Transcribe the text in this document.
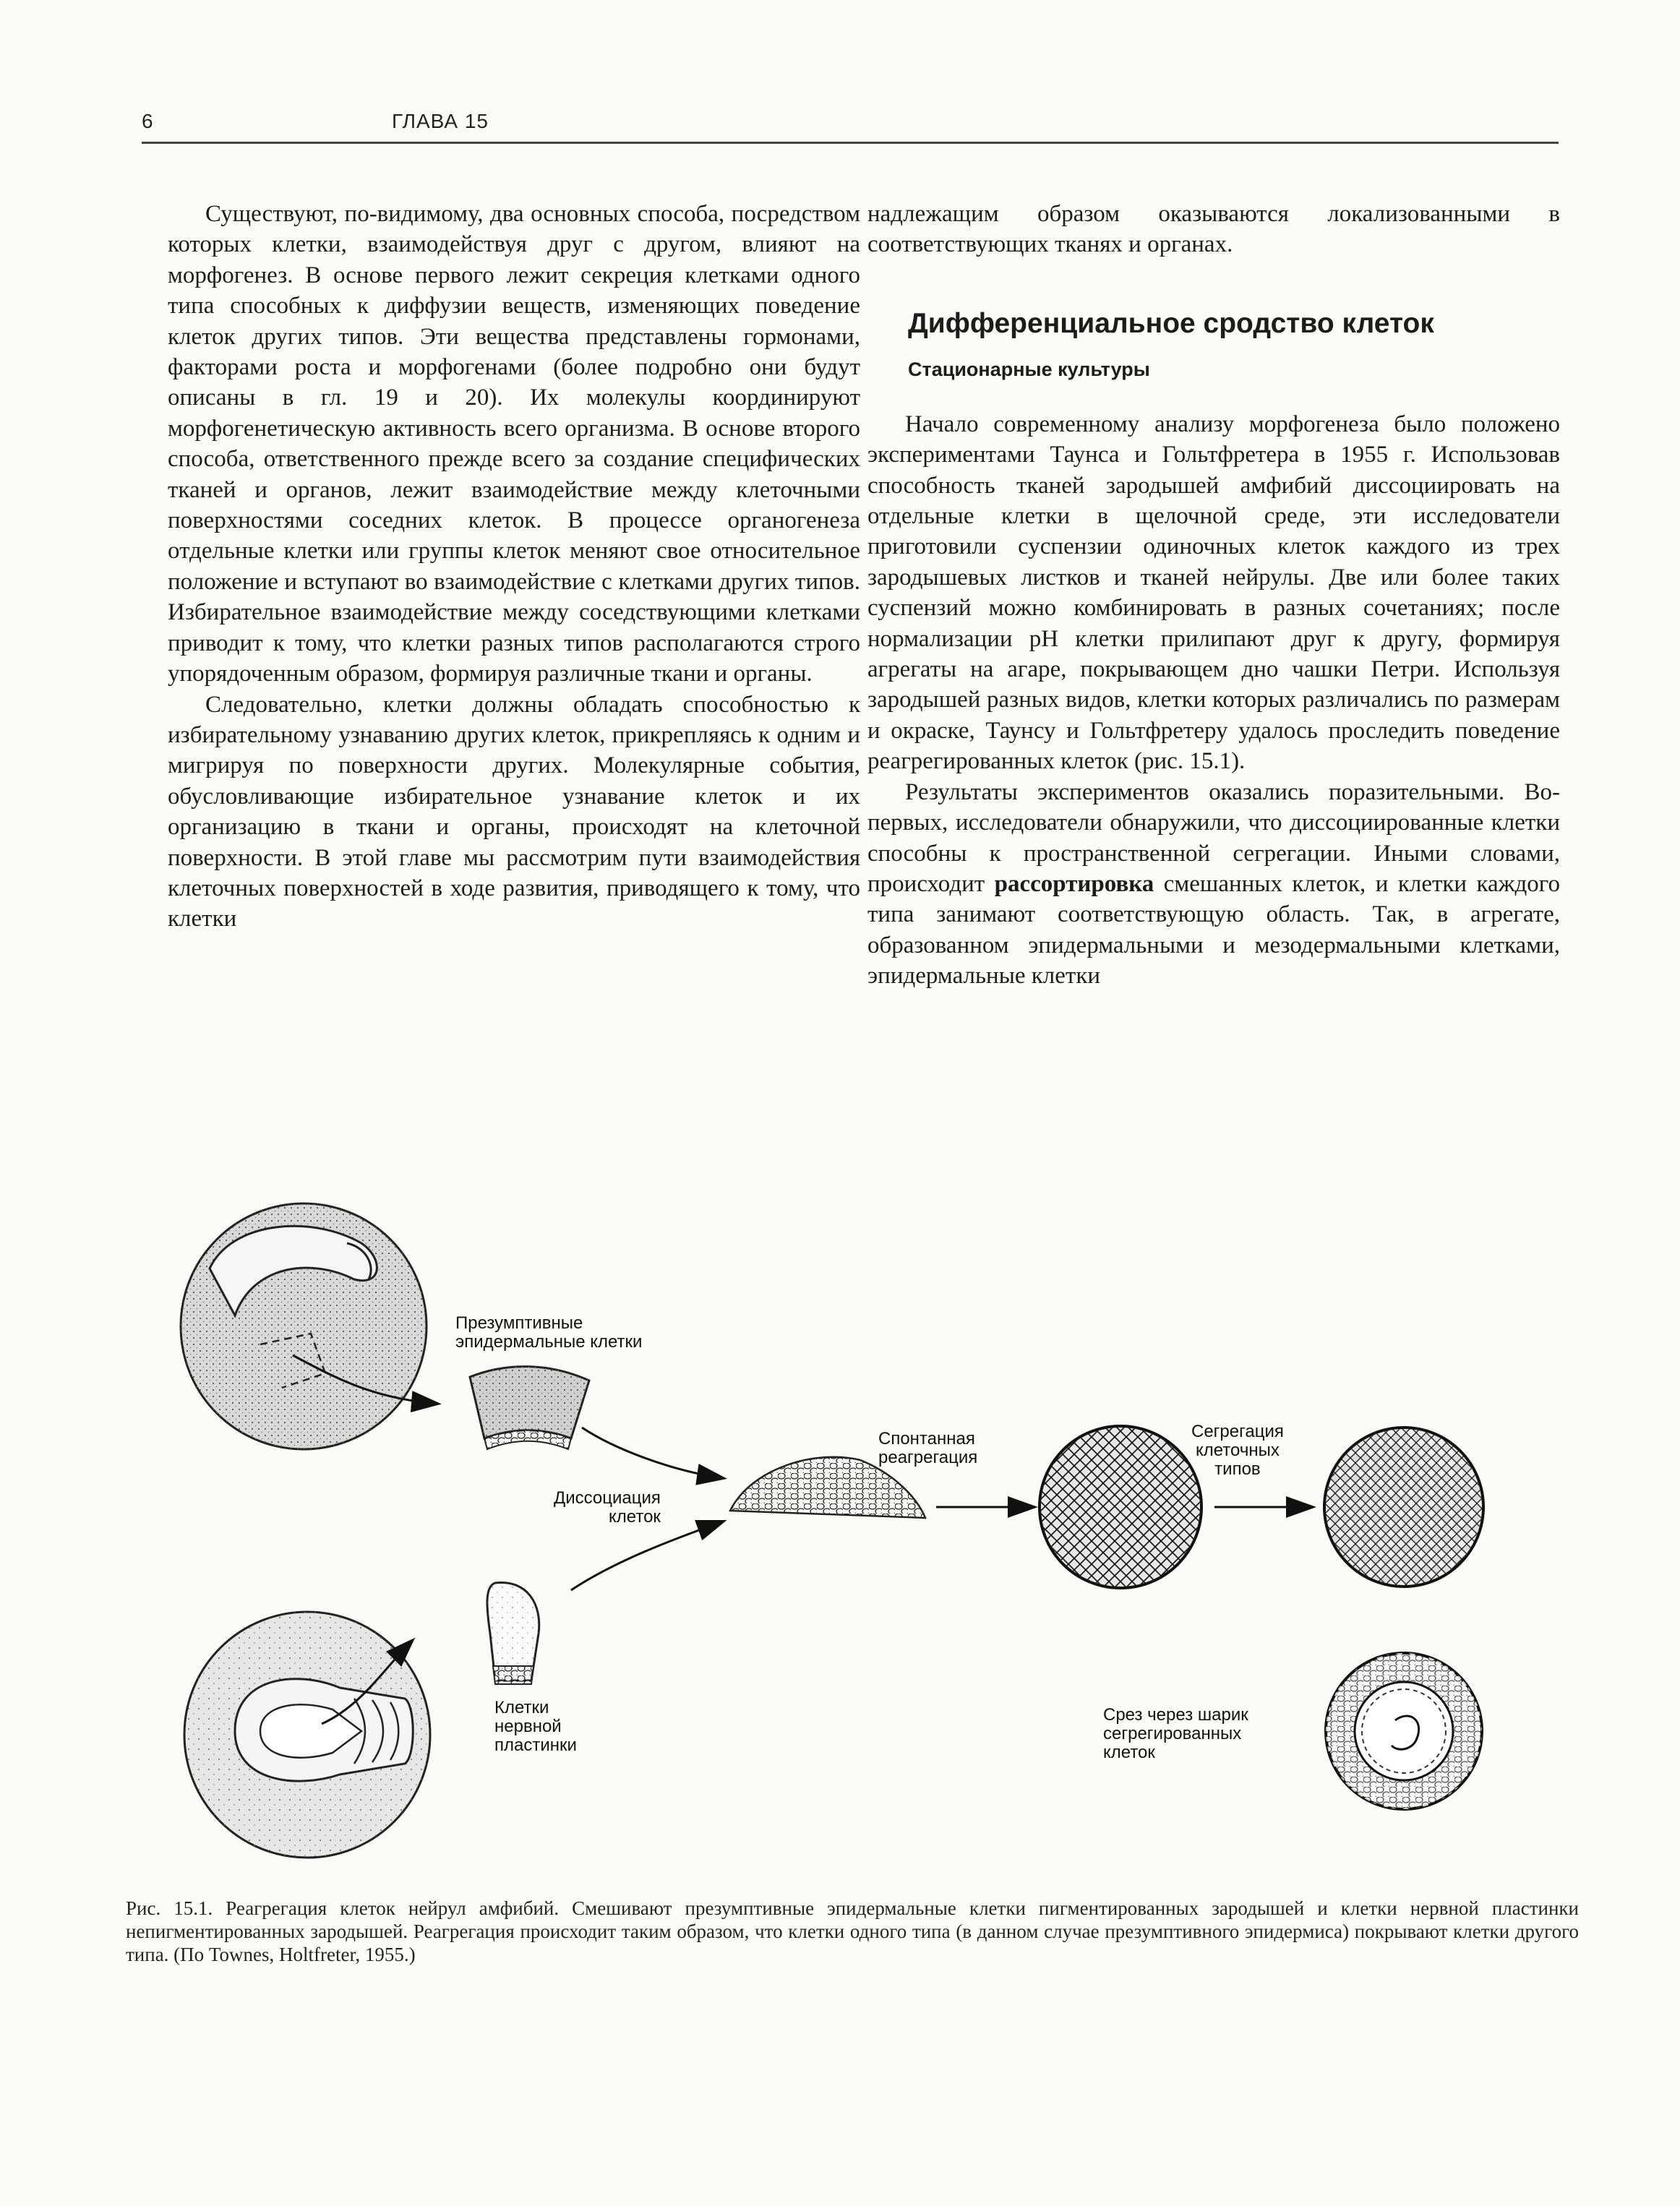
6	ГЛАВА 15

Существуют, по-видимому, два основных способа, посредством которых клетки, взаимодействуя друг с другом, влияют на морфогенез. В основе первого лежит секреция клетками одного типа способных к диффузии веществ, изменяющих поведение клеток других типов. Эти вещества представлены гормонами, факторами роста и морфогенами (более подробно они будут описаны в гл. 19 и 20). Их молекулы координируют морфогенетическую активность всего организма. В основе второго способа, ответственного прежде всего за создание специфических тканей и органов, лежит взаимодействие между клеточными поверхностями соседних клеток. В процессе органогенеза отдельные клетки или группы клеток меняют свое относительное положение и вступают во взаимодействие с клетками других типов. Избирательное взаимодействие между соседствующими клетками приводит к тому, что клетки разных типов располагаются строго упорядоченным образом, формируя различные ткани и органы.

Следовательно, клетки должны обладать способностью к избирательному узнаванию других клеток, прикрепляясь к одним и мигрируя по поверхности других. Молекулярные события, обусловливающие избирательное узнавание клеток и их организацию в ткани и органы, происходят на клеточной поверхности. В этой главе мы рассмотрим пути взаимодействия клеточных поверхностей в ходе развития, приводящего к тому, что клетки

надлежащим образом оказываются локализованными в соответствующих тканях и органах.

Дифференциальное сродство клеток
Стационарные культуры

Начало современному анализу морфогенеза было положено экспериментами Таунса и Гольтфретера в 1955 г. Использовав способность тканей зародышей амфибий диссоциировать на отдельные клетки в щелочной среде, эти исследователи приготовили суспензии одиночных клеток каждого из трех зародышевых листков и тканей нейрулы. Две или более таких суспензий можно комбинировать в разных сочетаниях; после нормализации pH клетки прилипают друг к другу, формируя агрегаты на агаре, покрывающем дно чашки Петри. Используя зародышей разных видов, клетки которых различались по размерам и окраске, Таунсу и Гольтфретеру удалось проследить поведение реагрегированных клеток (рис. 15.1).

Результаты экспериментов оказались поразительными. Во-первых, исследователи обнаружили, что диссоциированные клетки способны к пространственной сегрегации. Иными словами, происходит рассортировка смешанных клеток, и клетки каждого типа занимают соответствующую область. Так, в агрегате, образованном эпидермальными и мезодермальными клетками, эпидермальные клетки

Презумптивные
эпидермальные клетки
Диссоциация
клеток
Клетки
нервной
пластинки
Спонтанная
реагрегация
Сегрегация
клеточных
типов
Срез через шарик
сегрегированных
клеток
Рис. 15.1. Реагрегация клеток нейрул амфибий. Смешивают презумптивные эпидермальные клетки пигментированных зародышей и клетки нервной пластинки непигментированных зародышей. Реагрегация происходит таким образом, что клетки одного типа (в данном случае презумптивного эпидермиса) покрывают клетки другого типа. (По Townes, Holtfreter, 1955.)
